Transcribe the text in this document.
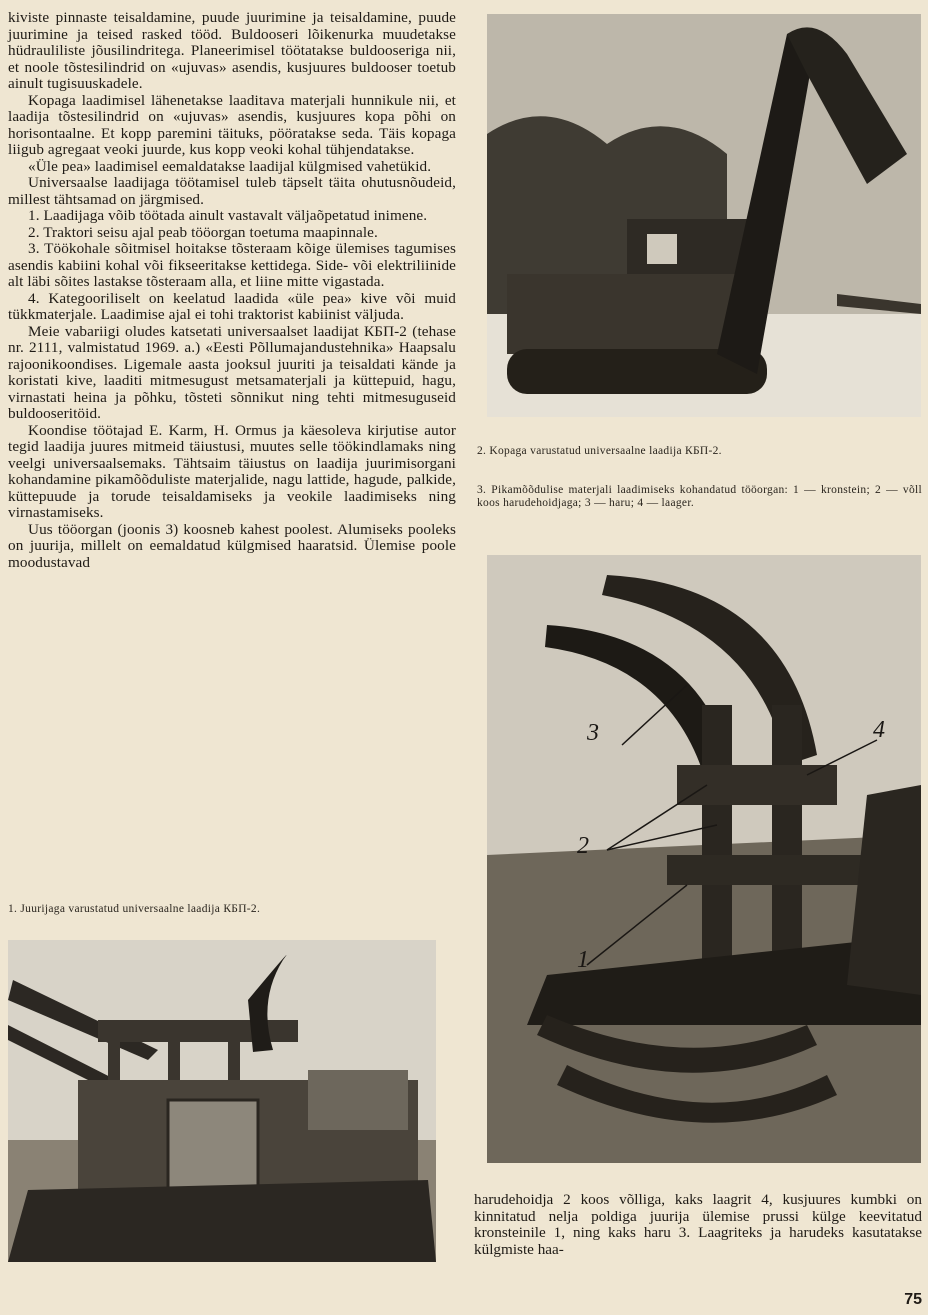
kiviste pinnaste teisaldamine, puude juurimine ja teisaldamine, puude juurimine ja teised rasked tööd. Buldooseri lõikenurka muudetakse hüdrauliliste jõusilindritega. Planeerimisel töötatakse buldooseriga nii, et noole tõstesilindrid on «ujuvas» asendis, kusjuures buldooser toetub ainult tugisuuskadele.

Kopaga laadimisel lähenetakse laaditava materjali hunnikule nii, et laadija tõstesilindrid on «ujuvas» asendis, kusjuures kopa põhi on horisontaalne. Et kopp paremini täituks, pööratakse seda. Täis kopaga liigub agregaat veoki juurde, kus kopp veoki kohal tühjendatakse.

«Üle pea» laadimisel eemaldatakse laadijal külgmised vahetükid.

Universaalse laadijaga töötamisel tuleb täpselt täita ohutusnõudeid, millest tähtsamad on järgmised.

1. Laadijaga võib töötada ainult vastavalt väljaõpetatud inimene.

2. Traktori seisu ajal peab tööorgan toetuma maapinnale.

3. Töökohale sõitmisel hoitakse tõsteraam kõige ülemises tagumises asendis kabiini kohal või fikseeritakse kettidega. Side- või elektriliinide alt läbi sõites lastakse tõsteraam alla, et liine mitte vigastada.

4. Kategooriliselt on keelatud laadida «üle pea» kive või muid tükkmaterjale. Laadimise ajal ei tohi traktorist kabiinist väljuda.

Meie vabariigi oludes katsetati universaalset laadijat КБП-2 (tehase nr. 2111, valmistatud 1969. a.) «Eesti Põllumajandustehnika» Haapsalu rajoonikoondises. Ligemale aasta jooksul juuriti ja teisaldati kände ja koristati kive, laaditi mitmesugust metsamaterjali ja küttepuid, hagu, virnastati heina ja põhku, tõsteti sõnnikut ning tehti mitmesuguseid buldooseritöid.

Koondise töötajad E. Karm, H. Ormus ja käesoleva kirjutise autor tegid laadija juures mitmeid täiustusi, muutes selle töökindlamaks ning veelgi universaalsemaks. Tähtsaim täiustus on laadija juurimisorgani kohandamine pikamõõduliste materjalide, nagu lattide, hagude, palkide, küttepuude ja torude teisaldamiseks ja veokile laadimiseks ning virnastamiseks.

Uus tööorgan (joonis 3) koosneb kahest poolest. Alumiseks pooleks on juurija, millelt on eemaldatud külgmised haaratsid. Ülemise poole moodustavad

1. Juurijaga varustatud universaalne laadija КБП-2.
2. Kopaga varustatud universaalne laadija КБП-2.
3. Pikamõõdulise materjali laadimiseks kohandatud tööorgan: 1 — kronstein; 2 — võll koos harudehoidjaga; 3 — haru; 4 — laager.
3
2
1
4
harudehoidja 2 koos võlliga, kaks laagrit 4, kusjuures kumbki on kinnitatud nelja poldiga juurija ülemise prussi külge keevitatud kronsteinile 1, ning kaks haru 3. Laagriteks ja harudeks kasutatakse külgmiste haa-
75
